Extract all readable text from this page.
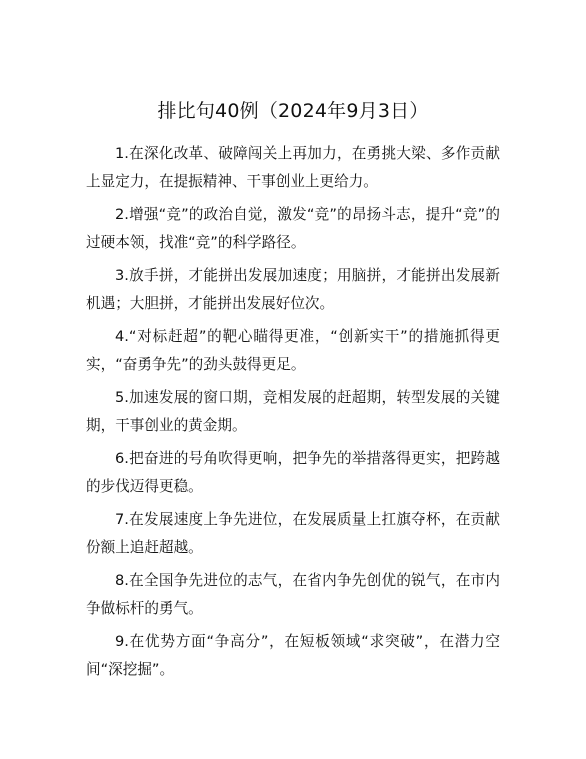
排比句40例（2024年9月3日）
1.在深化改革、破障闯关上再加力，在勇挑大梁、多作贡献上显定力，在提振精神、干事创业上更给力。
2.增强“竞”的政治自觉，激发“竞”的昂扬斗志，提升“竞”的过硬本领，找准“竞”的科学路径。
3.放手拼，才能拼出发展加速度；用脑拼，才能拼出发展新机遇；大胆拼，才能拼出发展好位次。
4.“对标赶超”的靶心瞄得更准，“创新实干”的措施抓得更实，“奋勇争先”的劲头鼓得更足。
5.加速发展的窗口期，竞相发展的赶超期，转型发展的关键期，干事创业的黄金期。
6.把奋进的号角吹得更响，把争先的举措落得更实，把跨越的步伐迈得更稳。
7.在发展速度上争先进位，在发展质量上扛旗夺杯，在贡献份额上追赶超越。
8.在全国争先进位的志气，在省内争先创优的锐气，在市内争做标杆的勇气。
9.在优势方面“争高分”，在短板领域“求突破”，在潜力空间“深挖掘”。
